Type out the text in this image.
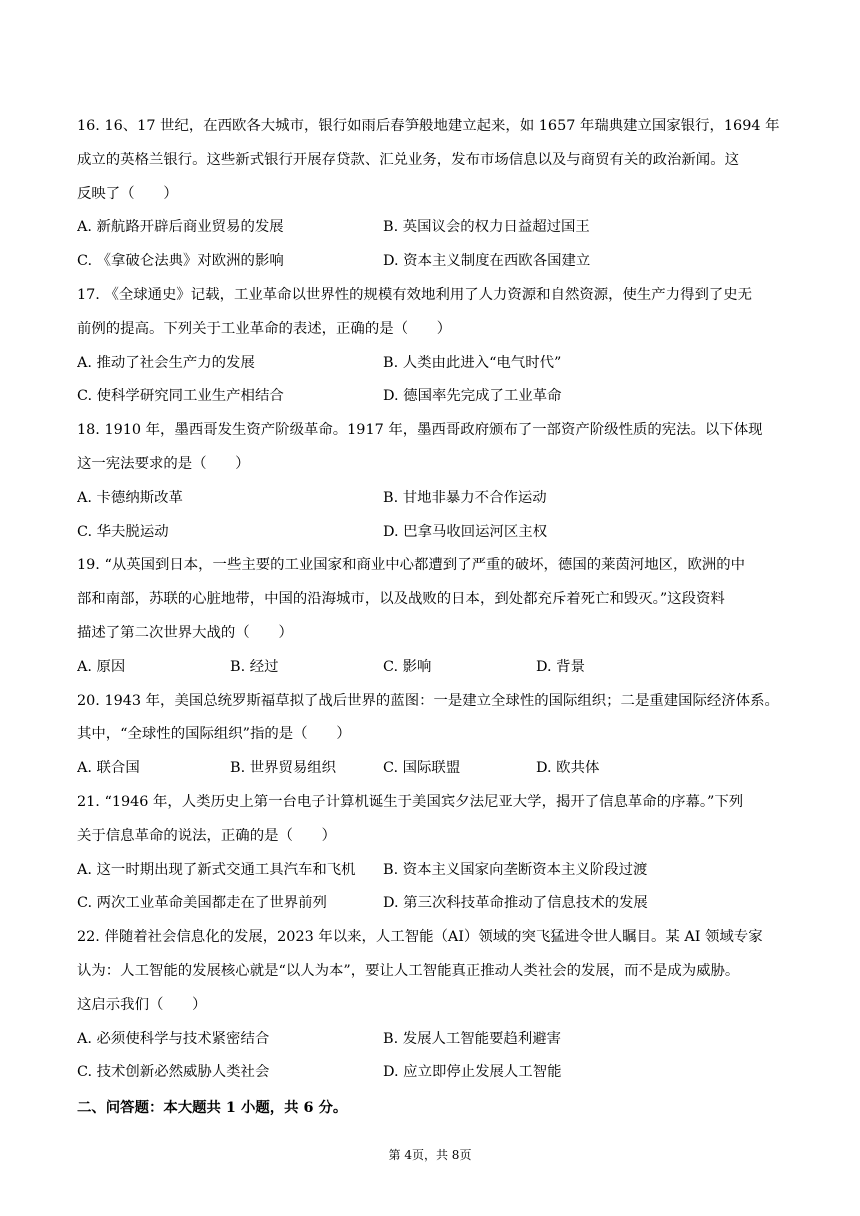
16. 16、17 世纪，在西欧各大城市，银行如雨后春笋般地建立起来，如 1657 年瑞典建立国家银行，1694 年
成立的英格兰银行。这些新式银行开展存贷款、汇兑业务，发布市场信息以及与商贸有关的政治新闻。这
反映了（　　）
A. 新航路开辟后商业贸易的发展	B. 英国议会的权力日益超过国王
C. 《拿破仑法典》对欧洲的影响	D. 资本主义制度在西欧各国建立
17. 《全球通史》记载，工业革命以世界性的规模有效地利用了人力资源和自然资源，使生产力得到了史无
前例的提高。下列关于工业革命的表述，正确的是（　　）
A. 推动了社会生产力的发展	B. 人类由此进入“电气时代”
C. 使科学研究同工业生产相结合	D. 德国率先完成了工业革命
18. 1910 年，墨西哥发生资产阶级革命。1917 年，墨西哥政府颁布了一部资产阶级性质的宪法。以下体现
这一宪法要求的是（　　）
A. 卡德纳斯改革	B. 甘地非暴力不合作运动
C. 华夫脱运动	D. 巴拿马收回运河区主权
19. “从英国到日本，一些主要的工业国家和商业中心都遭到了严重的破坏，德国的莱茵河地区，欧洲的中
部和南部，苏联的心脏地带，中国的沿海城市，以及战败的日本，到处都充斥着死亡和毁灭。”这段资料
描述了第二次世界大战的（　　）
A. 原因	B. 经过	C. 影响	D. 背景
20. 1943 年，美国总统罗斯福草拟了战后世界的蓝图：一是建立全球性的国际组织；二是重建国际经济体系。
其中，“全球性的国际组织”指的是（　　）
A. 联合国	B. 世界贸易组织	C. 国际联盟	D. 欧共体
21. “1946 年，人类历史上第一台电子计算机诞生于美国宾夕法尼亚大学，揭开了信息革命的序幕。”下列
关于信息革命的说法，正确的是（　　）
A. 这一时期出现了新式交通工具汽车和飞机	B. 资本主义国家向垄断资本主义阶段过渡
C. 两次工业革命美国都走在了世界前列	D. 第三次科技革命推动了信息技术的发展
22. 伴随着社会信息化的发展，2023 年以来，人工智能（AI）领域的突飞猛进令世人瞩目。某 AI 领域专家
认为：人工智能的发展核心就是“以人为本”，要让人工智能真正推动人类社会的发展，而不是成为威胁。
这启示我们（　　）
A. 必须使科学与技术紧密结合	B. 发展人工智能要趋利避害
C. 技术创新必然威胁人类社会	D. 应立即停止发展人工智能
二、问答题：本大题共 1 小题，共 6 分。
第 4页，共 8页
